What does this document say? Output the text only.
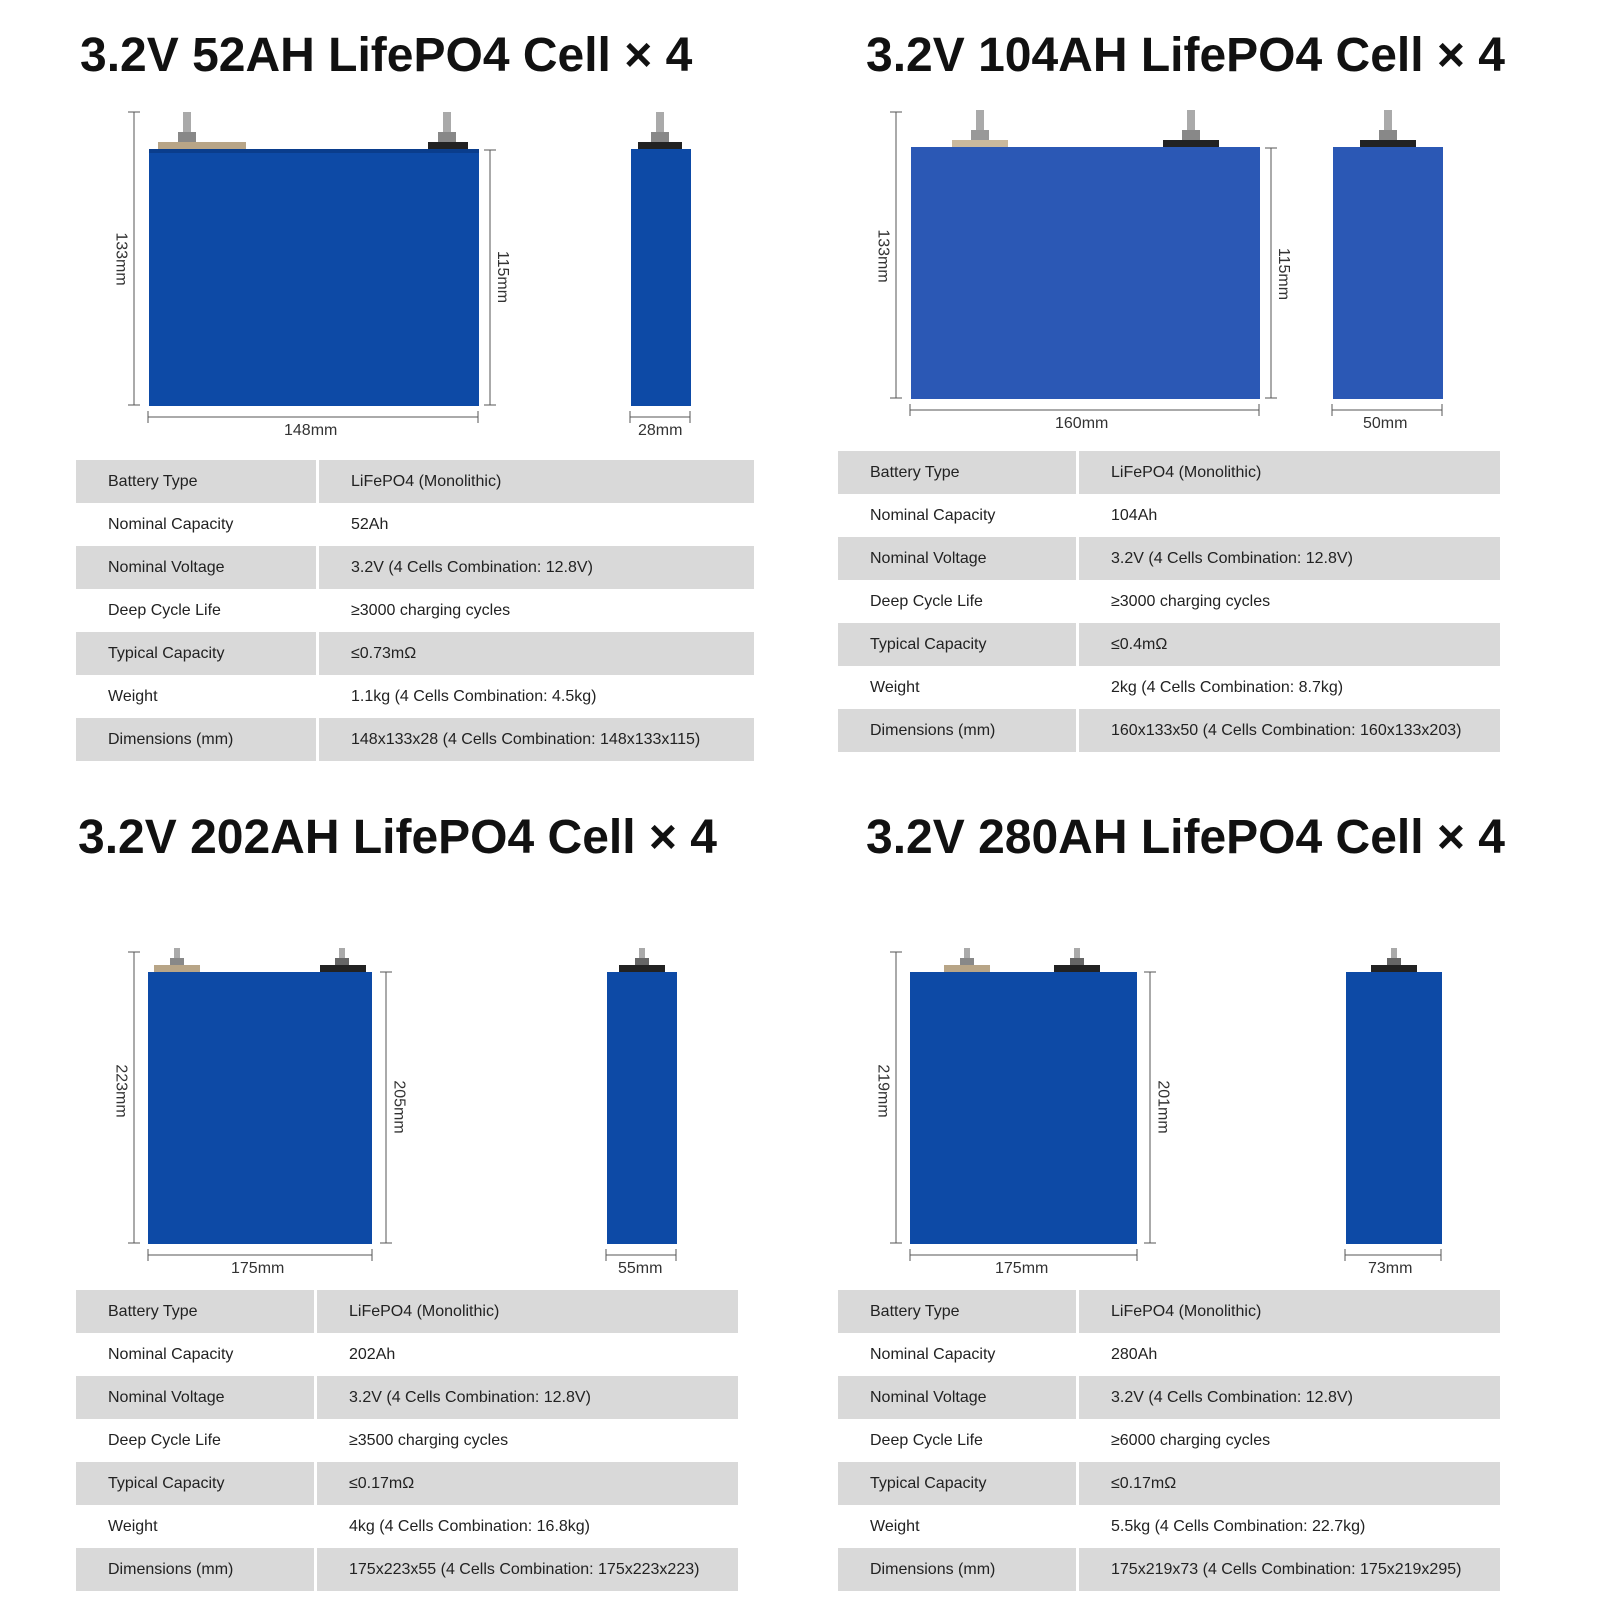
3.2V 52AH LifePO4 Cell × 4
133mm	115mm
148mm	28mm
Battery Type	LiFePO4 (Monolithic)
Nominal Capacity	52Ah
Nominal Voltage	3.2V (4 Cells Combination: 12.8V)
Deep Cycle Life	≥3000 charging cycles
Typical Capacity	≤0.73mΩ
Weight	1.1kg (4 Cells Combination: 4.5kg)
Dimensions (mm)	148x133x28 (4 Cells Combination: 148x133x115)
3.2V 104AH LifePO4 Cell × 4
133mm	115mm
160mm	50mm
Battery Type	LiFePO4 (Monolithic)
Nominal Capacity	104Ah
Nominal Voltage	3.2V (4 Cells Combination: 12.8V)
Deep Cycle Life	≥3000 charging cycles
Typical Capacity	≤0.4mΩ
Weight	2kg (4 Cells Combination: 8.7kg)
Dimensions (mm)	160x133x50 (4 Cells Combination: 160x133x203)
3.2V 202AH LifePO4 Cell × 4
223mm	205mm
175mm	55mm
Battery Type	LiFePO4 (Monolithic)
Nominal Capacity	202Ah
Nominal Voltage	3.2V (4 Cells Combination: 12.8V)
Deep Cycle Life	≥3500 charging cycles
Typical Capacity	≤0.17mΩ
Weight	4kg (4 Cells Combination: 16.8kg)
Dimensions (mm)	175x223x55 (4 Cells Combination: 175x223x223)
3.2V 280AH LifePO4 Cell × 4
219mm	201mm
175mm	73mm
Battery Type	LiFePO4 (Monolithic)
Nominal Capacity	280Ah
Nominal Voltage	3.2V (4 Cells Combination: 12.8V)
Deep Cycle Life	≥6000 charging cycles
Typical Capacity	≤0.17mΩ
Weight	5.5kg (4 Cells Combination: 22.7kg)
Dimensions (mm)	175x219x73 (4 Cells Combination: 175x219x295)
